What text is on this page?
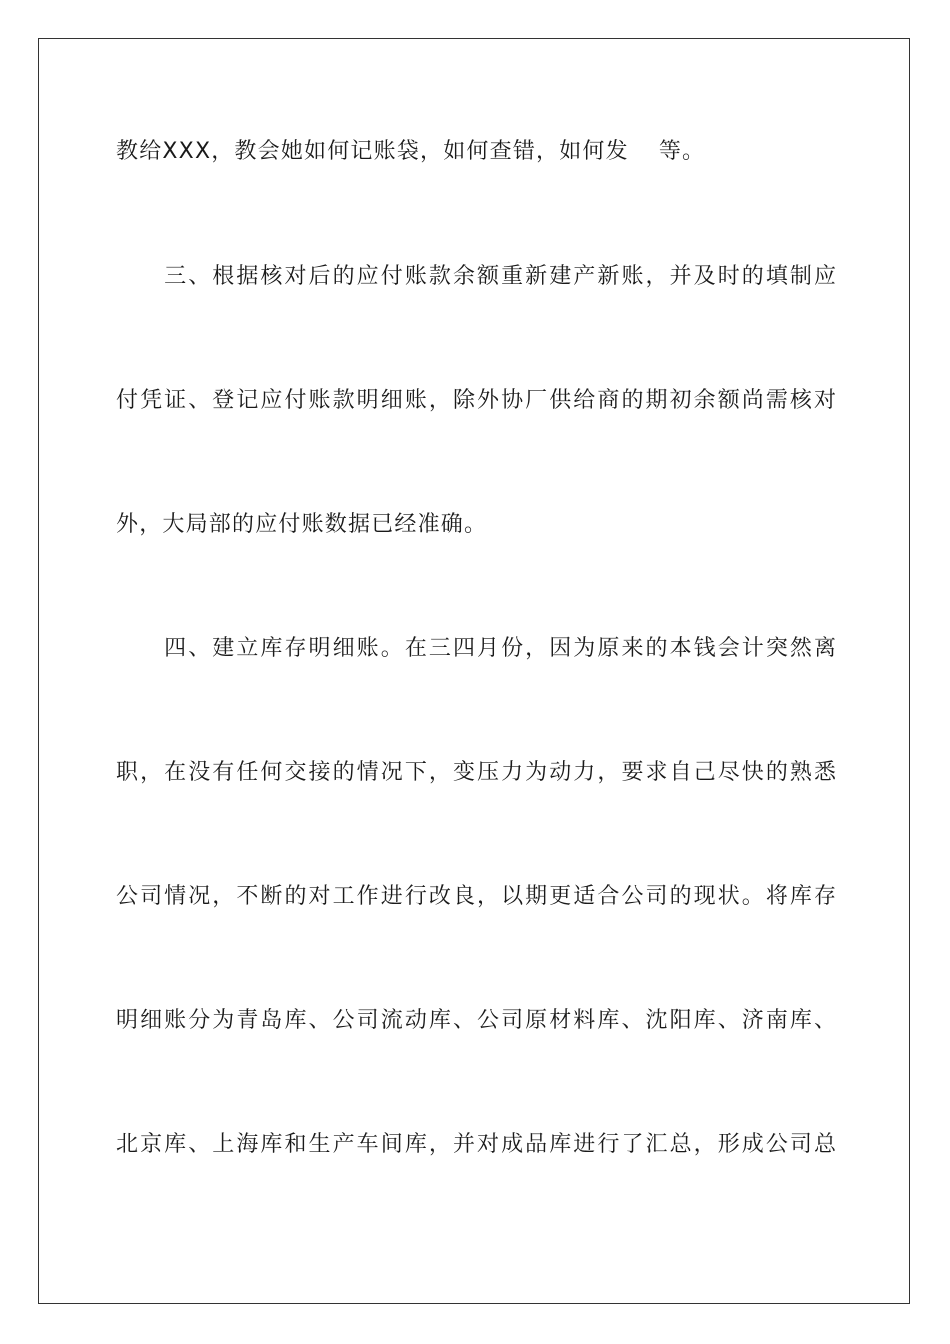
教给XXX，教会她如何记账袋，如何查错，如何发 等。
　　三、根据核对后的应付账款余额重新建产新账，并及时的填制应
付凭证、登记应付账款明细账，除外协厂供给商的期初余额尚需核对
外，大局部的应付账数据已经准确。
　　四、建立库存明细账。在三四月份，因为原来的本钱会计突然离
职，在没有任何交接的情况下，变压力为动力，要求自己尽快的熟悉
公司情况，不断的对工作进行改良，以期更适合公司的现状。将库存
明细账分为青岛库、公司流动库、公司原材料库、沈阳库、济南库、
北京库、上海库和生产车间库，并对成品库进行了汇总，形成公司总
